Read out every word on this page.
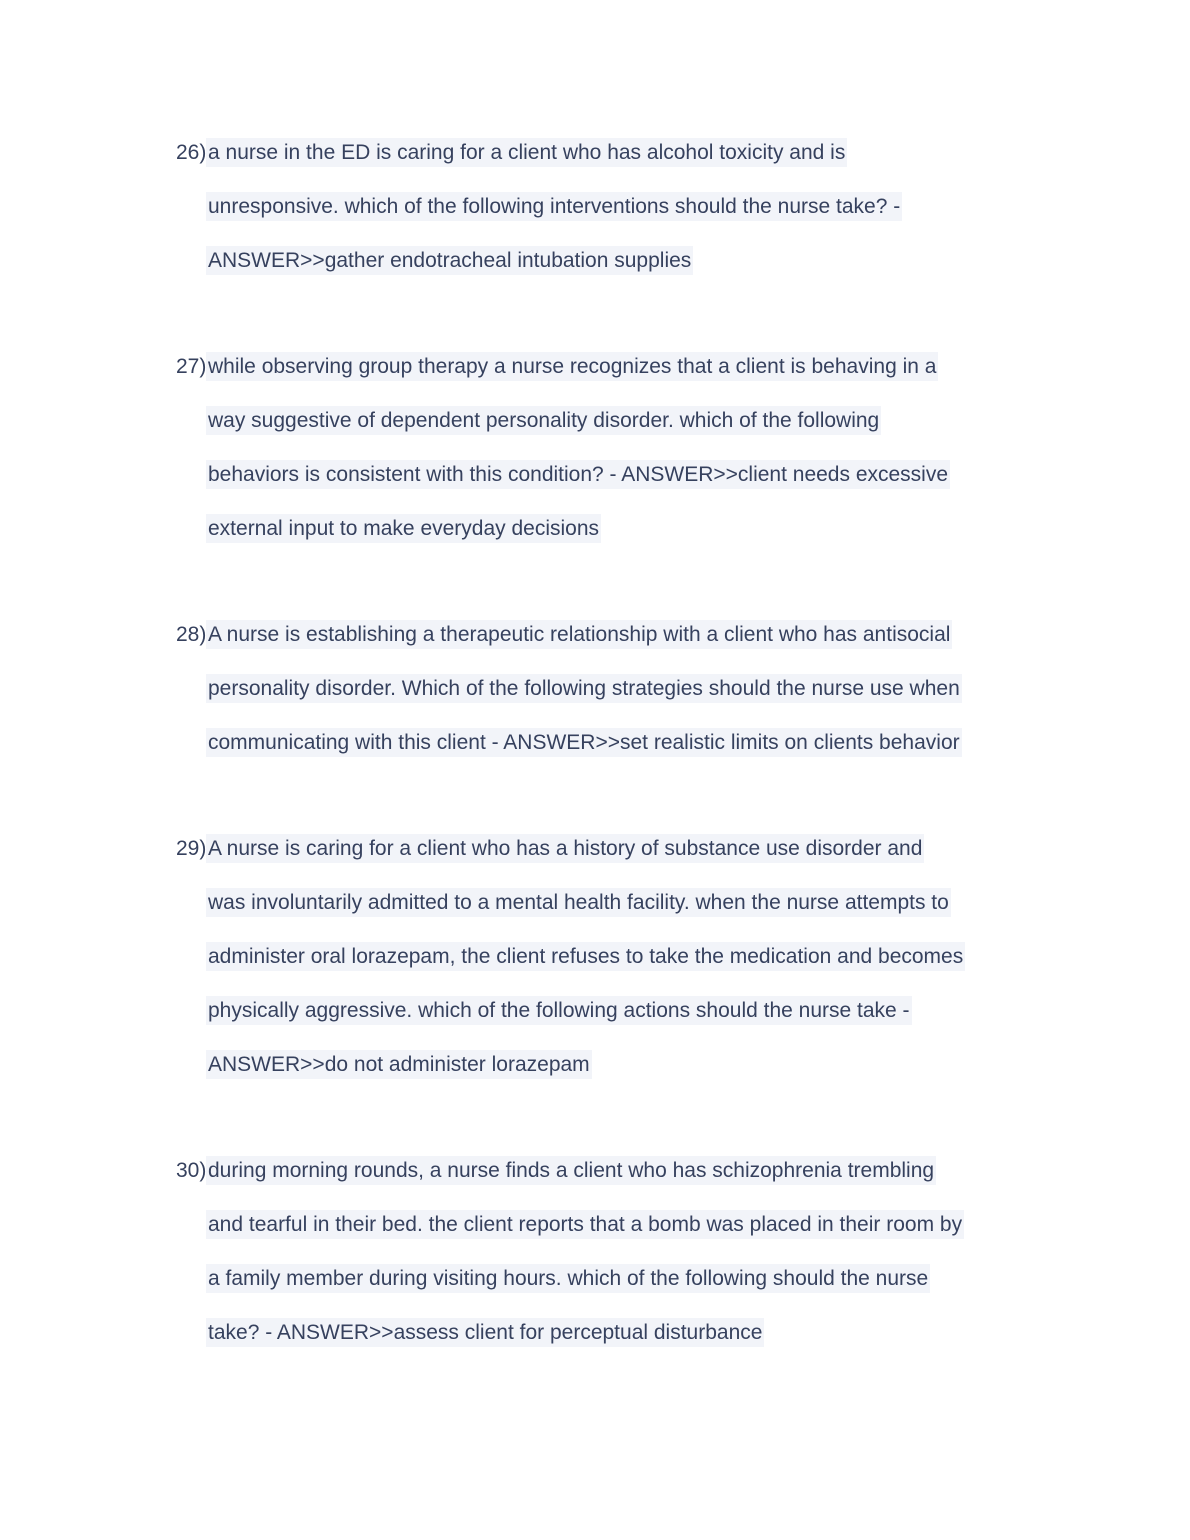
26)a nurse in the ED is caring for a client who has alcohol toxicity and is
unresponsive. which of the following interventions should the nurse take? -
ANSWER>>gather endotracheal intubation supplies
27)while observing group therapy a nurse recognizes that a client is behaving in a
way suggestive of dependent personality disorder. which of the following
behaviors is consistent with this condition? - ANSWER>>client needs excessive
external input to make everyday decisions
28)A nurse is establishing a therapeutic relationship with a client who has antisocial
personality disorder. Which of the following strategies should the nurse use when
communicating with this client - ANSWER>>set realistic limits on clients behavior
29)A nurse is caring for a client who has a history of substance use disorder and
was involuntarily admitted to a mental health facility. when the nurse attempts to
administer oral lorazepam, the client refuses to take the medication and becomes
physically aggressive. which of the following actions should the nurse take -
ANSWER>>do not administer lorazepam
30)during morning rounds, a nurse finds a client who has schizophrenia trembling
and tearful in their bed. the client reports that a bomb was placed in their room by
a family member during visiting hours. which of the following should the nurse
take? - ANSWER>>assess client for perceptual disturbance
